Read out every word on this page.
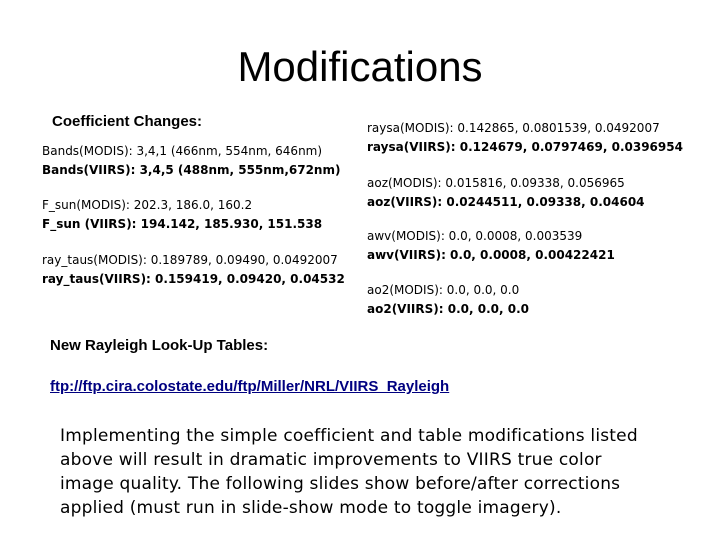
Modifications
Coefficient Changes:
Bands(MODIS): 3,4,1 (466nm, 554nm, 646nm)
Bands(VIIRS): 3,4,5 (488nm, 555nm,672nm)
F_sun(MODIS): 202.3, 186.0, 160.2
F_sun (VIIRS): 194.142, 185.930, 151.538
ray_taus(MODIS): 0.189789, 0.09490, 0.0492007
ray_taus(VIIRS): 0.159419, 0.09420, 0.04532
raysa(MODIS): 0.142865, 0.0801539, 0.0492007
raysa(VIIRS): 0.124679, 0.0797469, 0.0396954
aoz(MODIS): 0.015816, 0.09338, 0.056965
aoz(VIIRS): 0.0244511, 0.09338, 0.04604
awv(MODIS): 0.0, 0.0008, 0.003539
awv(VIIRS): 0.0, 0.0008, 0.00422421
ao2(MODIS): 0.0, 0.0, 0.0
ao2(VIIRS): 0.0, 0.0, 0.0
New Rayleigh Look-Up Tables:
ftp://ftp.cira.colostate.edu/ftp/Miller/NRL/VIIRS_Rayleigh
Implementing the simple coefficient and table modifications listed above will result in dramatic improvements to VIIRS true color image quality. The following slides show before/after corrections applied (must run in slide-show mode to toggle imagery).
